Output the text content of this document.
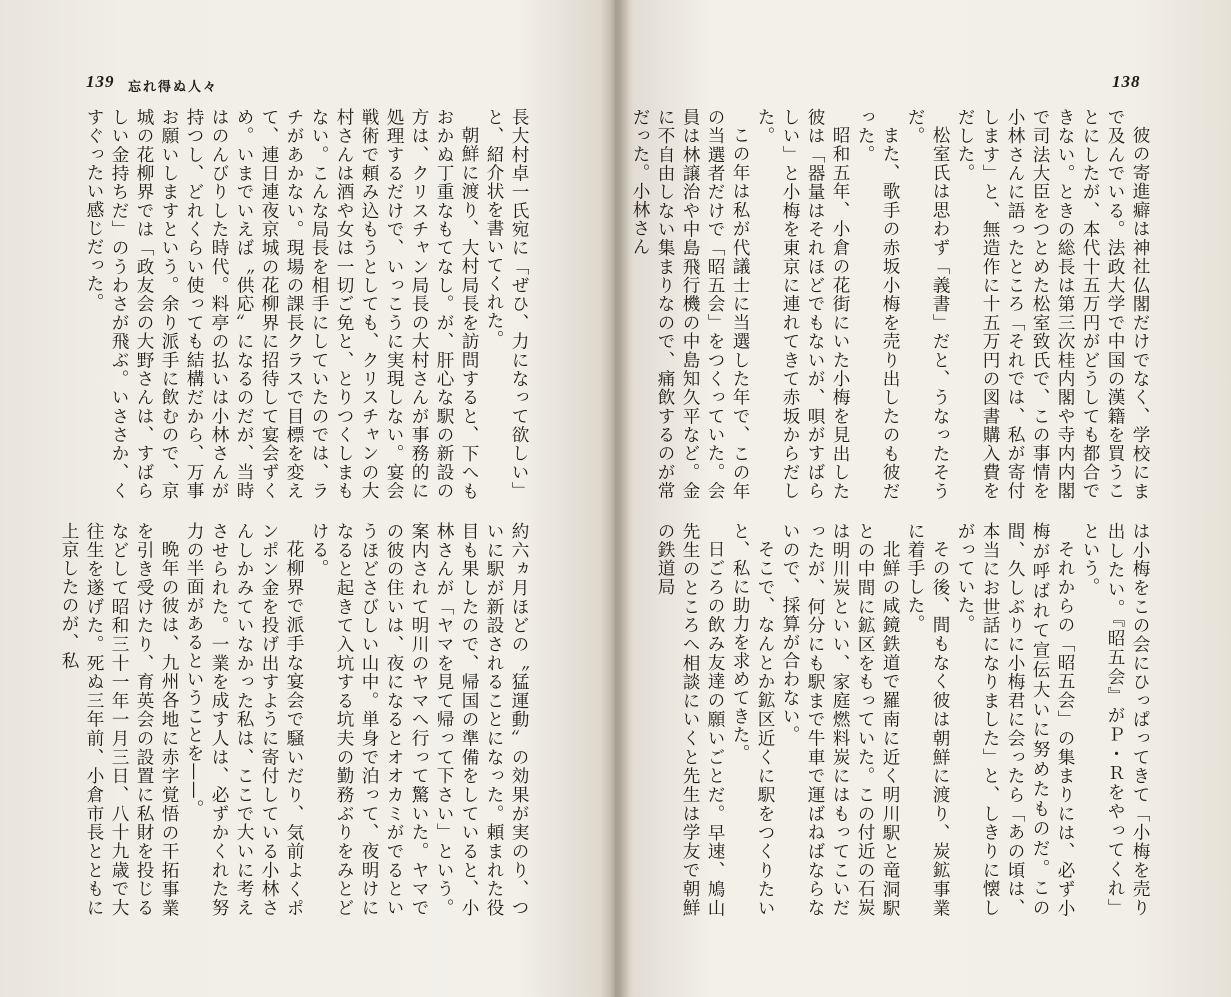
139 忘れ得ぬ人々

長大村卓一氏宛に「ぜひ、力になって欲しい」と、紹介状を書いてくれた。

朝鮮に渡り、大村局長を訪問すると、下へもおかぬ丁重なもてなし。が、肝心な駅の新設の方は、クリスチャン局長の大村さんが事務的に処理するだけで、いっこうに実現しない。宴会戦術で頼み込もうとしても、クリスチャンの大村さんは酒や女は一切ご免と、とりつくしまもない。こんな局長を相手にしていたのでは、ラチがあかない。現場の課長クラスで目標を変えて、連日連夜京城の花柳界に招待して宴会ずくめ。いまでいえば〝供応〟になるのだが、当時はのんびりした時代。料亭の払いは小林さんが持つし、どれくらい使っても結構だから、万事お願いしますという。余り派手に飲むので、京城の花柳界では「政友会の大野さんは、すばらしい金持ちだ」のうわさが飛ぶ。いささか、くすぐったい感じだった。

約六ヵ月ほどの〝猛運動〟の効果が実のり、ついに駅が新設されることになった。頼まれた役目も果したので、帰国の準備をしていると、小林さんが「ヤマを見て帰って下さい」という。案内されて明川のヤマへ行って驚いた。ヤマでの彼の住いは、夜になるとオオカミがでるというほどさびしい山中。単身で泊って、夜明けになると起きて入坑する坑夫の勤務ぶりをみとどける。

花柳界で派手な宴会で騒いだり、気前よくポンポン金を投げ出すように寄付している小林さんしかみていなかった私は、ここで大いに考えさせられた。一業を成す人は、必ずかくれた努力の半面があるということを——。

晩年の彼は、九州各地に赤字覚悟の干拓事業を引き受けたり、育英会の設置に私財を投じるなどして昭和三十一年一月三日、八十九歳で大往生を遂げた。死ぬ三年前、小倉市長とともに上京したのが、私

138

彼の寄進癖は神社仏閣だけでなく、学校にまで及んでいる。法政大学で中国の漢籍を買うことにしたが、本代十五万円がどうしても都合できない。ときの総長は第三次桂内閣や寺内内閣で司法大臣をつとめた松室致氏で、この事情を小林さんに語ったところ「それでは、私が寄付します」と、無造作に十五万円の図書購入費をだした。

松室氏は思わず「義書」だと、うなったそうだ。

また、歌手の赤坂小梅を売り出したのも彼だった。

昭和五年、小倉の花街にいた小梅を見出した彼は「器量はそれほどでもないが、唄がすばらしい」と小梅を東京に連れてきて赤坂からだした。

この年は私が代議士に当選した年で、この年の当選者だけで「昭五会」をつくっていた。会員は林譲治や中島飛行機の中島知久平など。金に不自由しない集まりなので、痛飲するのが常だった。小林さん

は小梅をこの会にひっぱってきて「小梅を売り出したい。『昭五会』がＰ・Ｒをやってくれ」という。

それからの「昭五会」の集まりには、必ず小梅が呼ばれて宣伝大いに努めたものだ。この間、久しぶりに小梅君に会ったら「あの頃は、本当にお世話になりました」と、しきりに懐しがっていた。

その後、間もなく彼は朝鮮に渡り、炭鉱事業に着手した。

北鮮の咸鏡鉄道で羅南に近く明川駅と竜洞駅との中間に鉱区をもっていた。この付近の石炭は明川炭といい、家庭燃料炭にはもってこいだったが、何分にも駅まで牛車で運ばねばならないので、採算が合わない。

そこで、なんとか鉱区近くに駅をつくりたいと、私に助力を求めてきた。

日ごろの飲み友達の願いごとだ。早速、鳩山先生のところへ相談にいくと先生は学友で朝鮮の鉄道局
